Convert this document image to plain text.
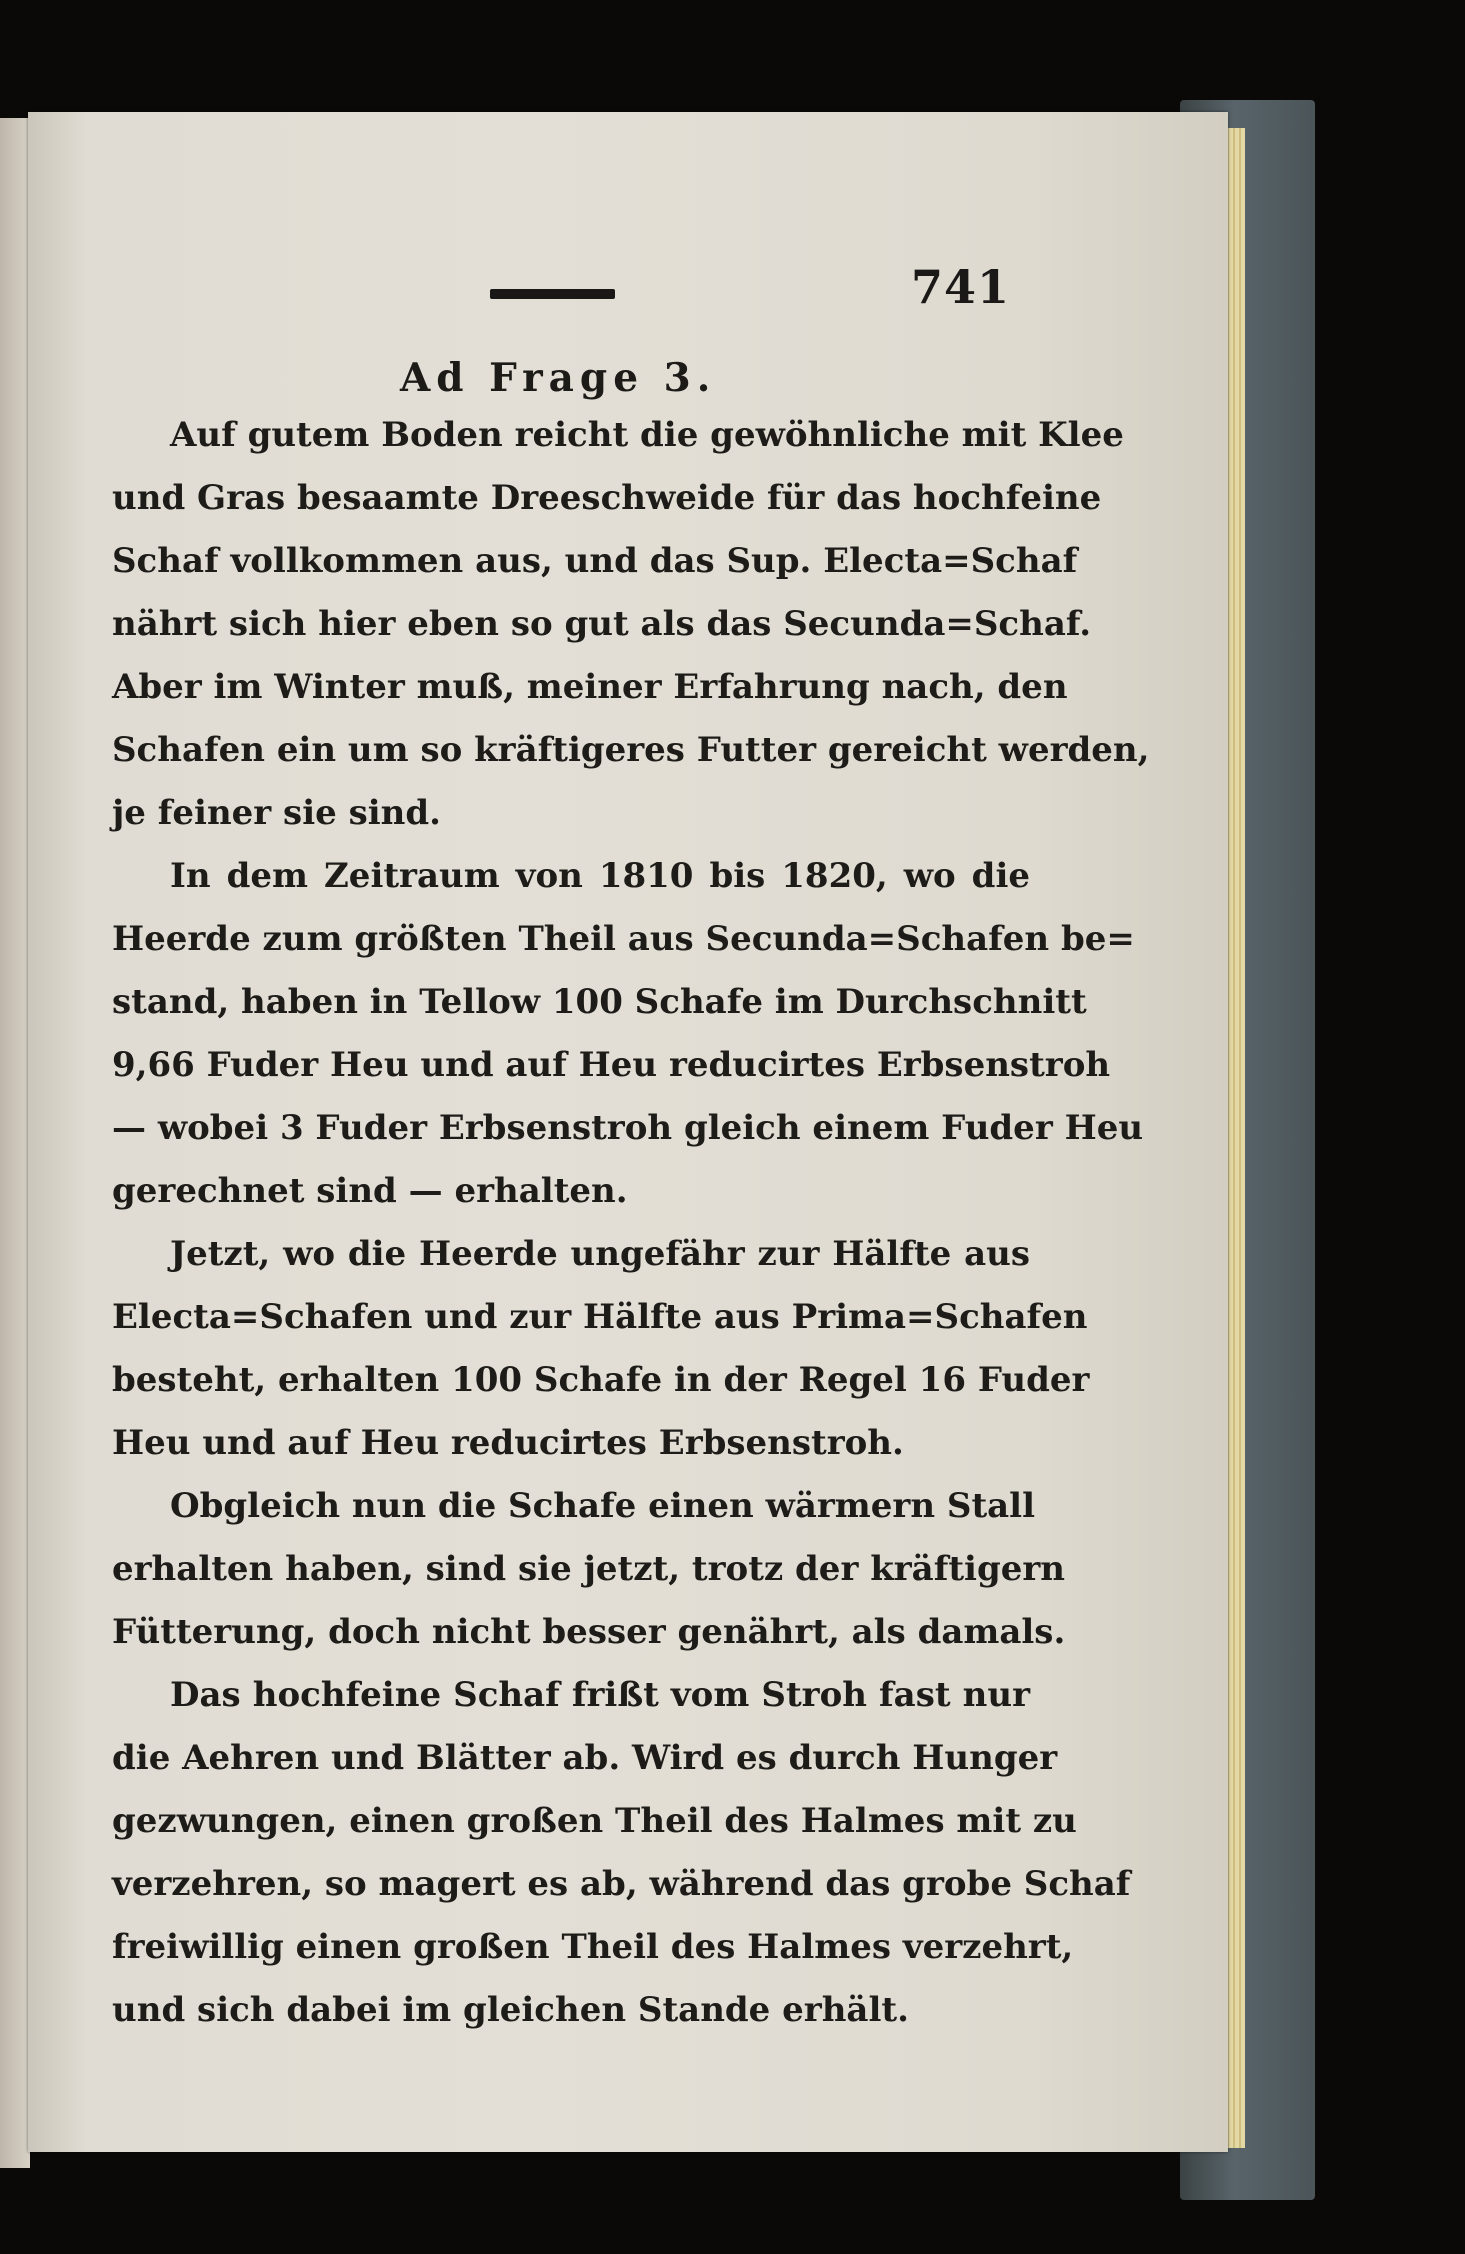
741
Ad Frage 3.
Auf gutem Boden reicht die gewöhnliche mit Klee
und Gras besaamte Dreeschweide für das hochfeine
Schaf vollkommen aus, und das Sup. Electa=Schaf
nährt sich hier eben so gut als das Secunda=Schaf.
Aber im Winter muß, meiner Erfahrung nach, den
Schafen ein um so kräftigeres Futter gereicht werden,
je feiner sie sind.
In dem Zeitraum von 1810 bis 1820, wo die
Heerde zum größten Theil aus Secunda=Schafen be=
stand, haben in Tellow 100 Schafe im Durchschnitt
9,66 Fuder Heu und auf Heu reducirtes Erbsenstroh
— wobei 3 Fuder Erbsenstroh gleich einem Fuder Heu
gerechnet sind — erhalten.
Jetzt, wo die Heerde ungefähr zur Hälfte aus
Electa=Schafen und zur Hälfte aus Prima=Schafen
besteht, erhalten 100 Schafe in der Regel 16 Fuder
Heu und auf Heu reducirtes Erbsenstroh.
Obgleich nun die Schafe einen wärmern Stall
erhalten haben, sind sie jetzt, trotz der kräftigern
Fütterung, doch nicht besser genährt, als damals.
Das hochfeine Schaf frißt vom Stroh fast nur
die Aehren und Blätter ab. Wird es durch Hunger
gezwungen, einen großen Theil des Halmes mit zu
verzehren, so magert es ab, während das grobe Schaf
freiwillig einen großen Theil des Halmes verzehrt,
und sich dabei im gleichen Stande erhält.
